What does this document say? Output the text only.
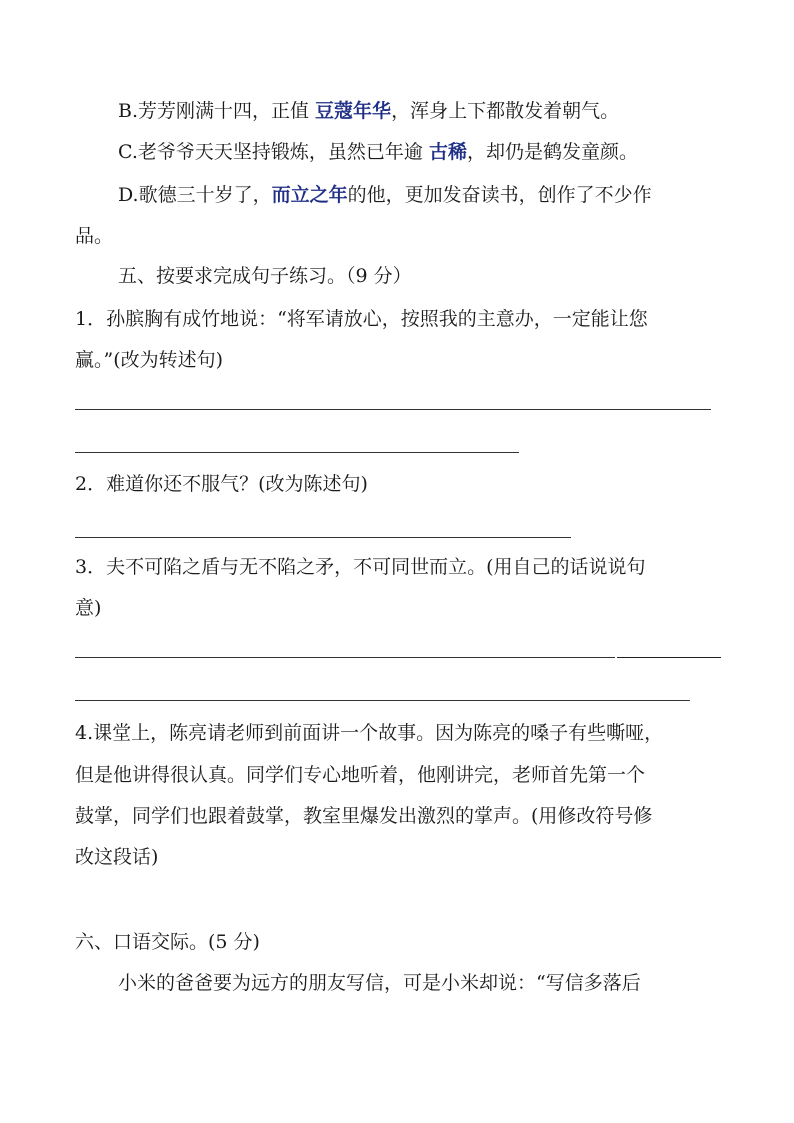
B.芳芳刚满十四，正值 豆蔻年华，浑身上下都散发着朝气。
C.老爷爷天天坚持锻炼，虽然已年逾 古稀，却仍是鹤发童颜。
D.歌德三十岁了，而立之年的他，更加发奋读书，创作了不少作
品。
五、按要求完成句子练习。（9 分）
1．孙膑胸有成竹地说：“将军请放心，按照我的主意办，一定能让您
赢。”(改为转述句)
2．难道你还不服气？(改为陈述句)
3．夫不可陷之盾与无不陷之矛，不可同世而立。(用自己的话说说句
意)
4.课堂上，陈亮请老师到前面讲一个故事。因为陈亮的嗓子有些嘶哑，
但是他讲得很认真。同学们专心地听着，他刚讲完，老师首先第一个
鼓掌，同学们也跟着鼓掌，教室里爆发出激烈的掌声。(用修改符号修
改这段话)
六、口语交际。(5 分)
小米的爸爸要为远方的朋友写信，可是小米却说：“写信多落后
